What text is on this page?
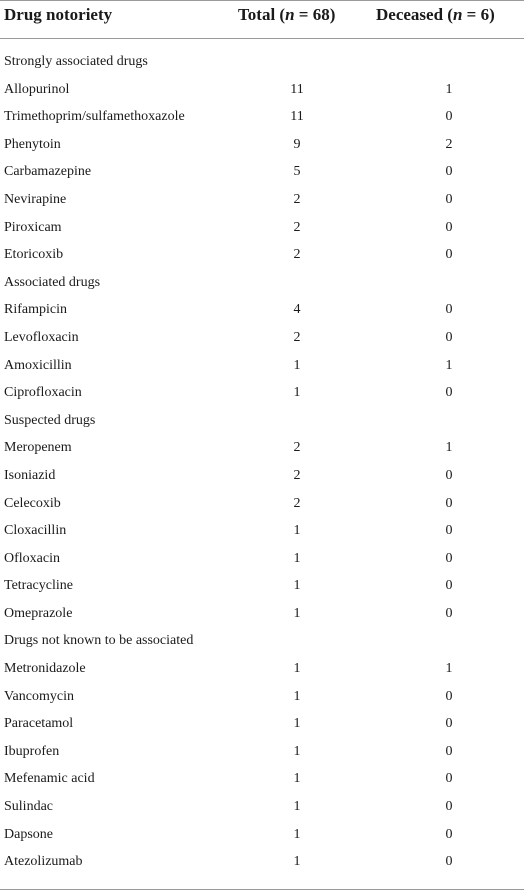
Drug notoriety	Total (n = 68) Deceased (n = 6)
Strongly associated drugs
Allopurinol	11	1
Trimethoprim/sulfamethoxazole	11	0
Phenytoin	9	2
Carbamazepine	5	0
Nevirapine	2	0
Piroxicam	2	0
Etoricoxib	2	0
Associated drugs
Rifampicin	4	0
Levofloxacin	2	0
Amoxicillin	1	1
Ciprofloxacin	1	0
Suspected drugs
Meropenem	2	1
Isoniazid	2	0
Celecoxib	2	0
Cloxacillin	1	0
Ofloxacin	1	0
Tetracycline	1	0
Omeprazole	1	0
Drugs not known to be associated
Metronidazole	1	1
Vancomycin	1	0
Paracetamol	1	0
Ibuprofen	1	0
Mefenamic acid	1	0
Sulindac	1	0
Dapsone	1	0
Atezolizumab	1	0
